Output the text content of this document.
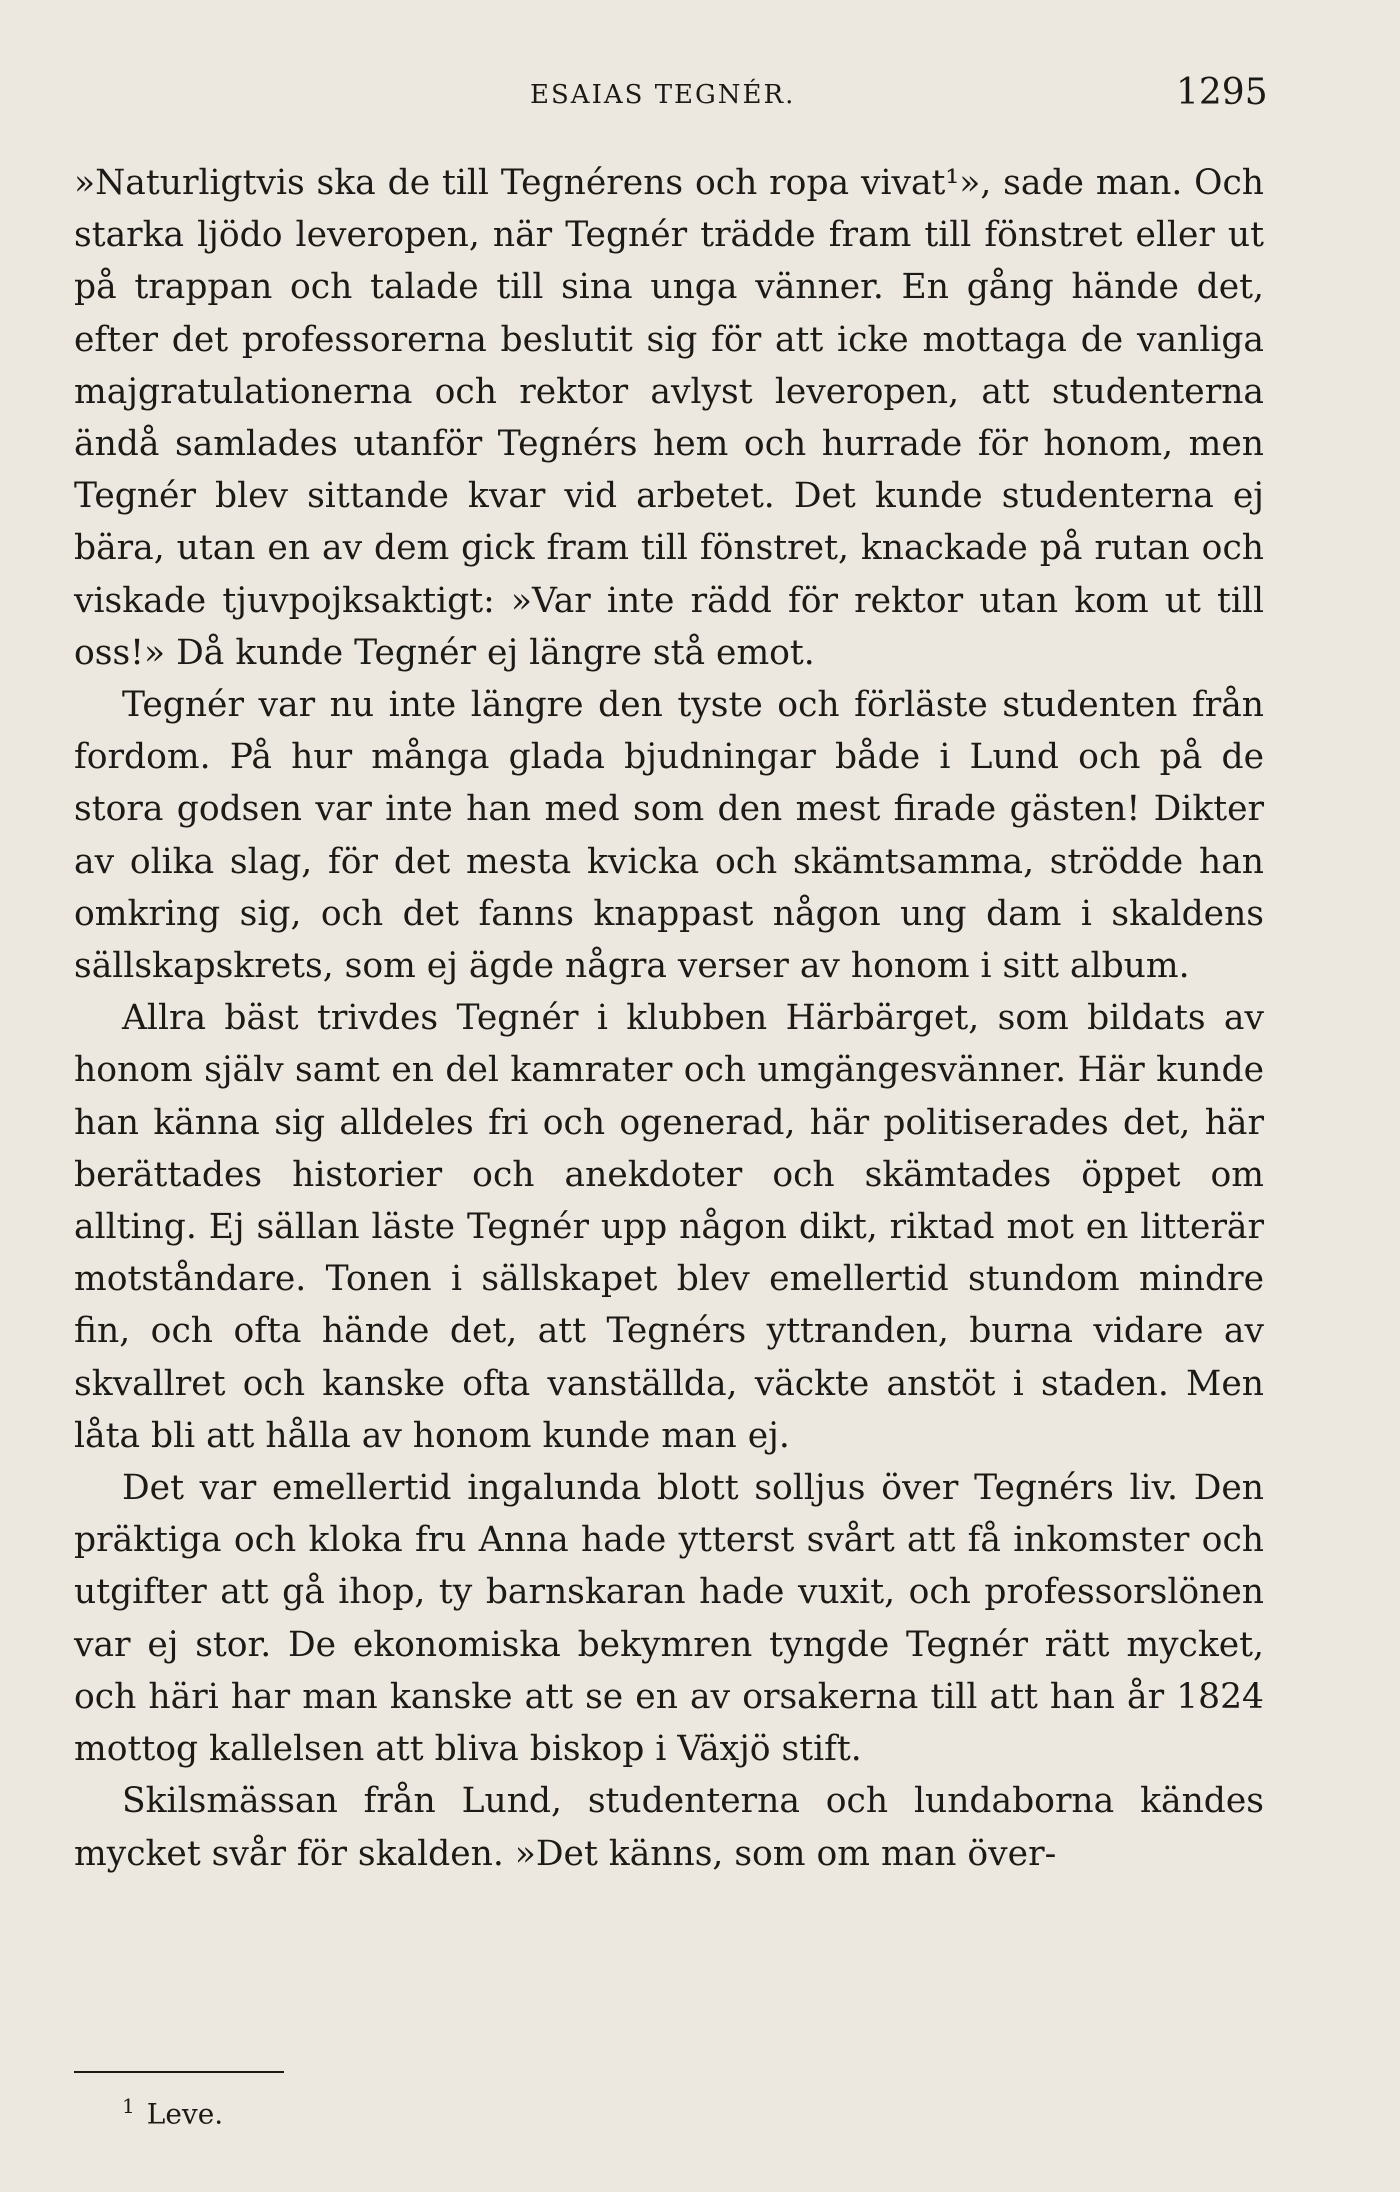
ESAIAS TEGNÉR.	1295

»Naturligtvis ska de till Tegnérens och ropa vivat¹», sade man. Och starka ljödo leveropen, när Tegnér trädde fram till fönstret eller ut på trappan och talade till sina unga vänner. En gång hände det, efter det professorerna beslutit sig för att icke mottaga de vanliga majgratulationerna och rektor avlyst leveropen, att studenterna ändå samlades utanför Tegnérs hem och hurrade för honom, men Tegnér blev sittande kvar vid arbetet. Det kunde studenterna ej bära, utan en av dem gick fram till fönstret, knackade på rutan och viskade tjuvpojksaktigt: »Var inte rädd för rektor utan kom ut till oss!» Då kunde Tegnér ej längre stå emot.

Tegnér var nu inte längre den tyste och förläste studenten från fordom. På hur många glada bjudningar både i Lund och på de stora godsen var inte han med som den mest firade gästen! Dikter av olika slag, för det mesta kvicka och skämtsamma, strödde han omkring sig, och det fanns knappast någon ung dam i skaldens sällskapskrets, som ej ägde några verser av honom i sitt album.

Allra bäst trivdes Tegnér i klubben Härbärget, som bildats av honom själv samt en del kamrater och umgängesvänner. Här kunde han känna sig alldeles fri och ogenerad, här politiserades det, här berättades historier och anekdoter och skämtades öppet om allting. Ej sällan läste Tegnér upp någon dikt, riktad mot en litterär motståndare. Tonen i sällskapet blev emellertid stundom mindre fin, och ofta hände det, att Tegnérs yttranden, burna vidare av skvallret och kanske ofta vanställda, väckte anstöt i staden. Men låta bli att hålla av honom kunde man ej.

Det var emellertid ingalunda blott solljus över Tegnérs liv. Den präktiga och kloka fru Anna hade ytterst svårt att få inkomster och utgifter att gå ihop, ty barnskaran hade vuxit, och professorslönen var ej stor. De ekonomiska bekymren tyngde Tegnér rätt mycket, och häri har man kanske att se en av orsakerna till att han år 1824 mottog kallelsen att bliva biskop i Växjö stift.

Skilsmässan från Lund, studenterna och lundaborna kändes mycket svår för skalden. »Det känns, som om man över-

$^1$ Leve.
